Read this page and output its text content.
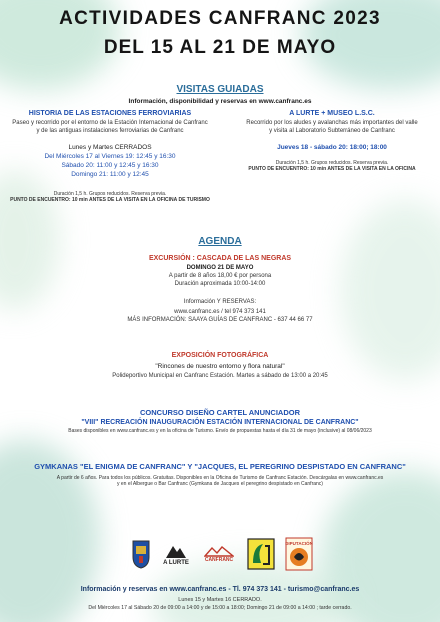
ACTIVIDADES CANFRANC 2023
DEL 15 AL 21 DE MAYO
VISITAS GUIADAS
Información, disponibilidad y reservas en www.canfranc.es
HISTORIA DE LAS ESTACIONES FERROVIARIAS
Paseo y recorrido por el entorno de la Estación Internacional de Canfranc
y de las antiguas instalaciones ferroviarias de Canfranc
Lunes y Martes CERRADOS
Del Miércoles 17 al Viernes 19: 12:45 y 16:30
Sábado 20: 11:00 y 12:45 y 16:30
Domingo 21: 11:00 y 12:45
Duración 1,5 h. Grupos reducidos. Reserva previa.
PUNTO DE ENCUENTRO: 10 min ANTES DE LA VISITA EN LA OFICINA DE TURISMO
A LURTE + MUSEO L.S.C.
Recorrido por los aludes y avalanchas más importantes del valle
y visita al Laboratorio Subterráneo de Canfranc
Jueves 18 - sábado 20: 18:00; 18:00
Duración 1,5 h. Grupos reducidos. Reserva previa.
PUNTO DE ENCUENTRO: 10 min ANTES DE LA VISITA EN LA OFICINA
AGENDA
EXCURSIÓN : CASCADA DE LAS NEGRAS
DOMINGO 21 DE MAYO
A partir de 8 años 18,00 € por persona
Duración aproximada 10:00-14:00
Información Y RESERVAS:
www.canfranc.es / tel 974 373 141
MÁS INFORMACIÓN: SAAYA GUÍAS DE CANFRANC - 637 44 66 77
EXPOSICIÓN FOTOGRÁFICA
"Rincones de nuestro entorno y flora natural"
Polideportivo Municipal en Canfranc Estación. Martes a sábado de 13:00 a 20:45
CONCURSO DISEÑO CARTEL ANUNCIADOR
"VIII" RECREACIÓN INAUGURACIÓN ESTACIÓN INTERNACIONAL DE CANFRANC"
Bases disponibles en www.canfranc.es y en la oficina de Turismo. Envío de propuestas hasta el día 31 de mayo (inclusive) al 08/06/2023
GYMKANAS "EL ENIGMA DE CANFRANC" Y "JACQUES, EL PEREGRINO DESPISTADO EN CANFRANC"
A partir de 6 años. Para todos los públicos. Gratuitas. Disponibles en la Oficina de Turismo de Canfranc Estación. Descárgalas en www.canfranc.es
y en el Albergue o Bar Canfranc (Gymkana de Jacques el peregrino despistado en Canfranc)
A LURTE	CANFRANC
DIPUTACIÓN
Información y reservas en www.canfranc.es - Tl. 974 373 141 - turismo@canfranc.es
Lunes 15 y Martes 16 CERRADO.
Del Miércoles 17 al Sábado 20 de 09:00 a 14:00 y de 15:00 a 18:00; Domingo 21 de 09:00 a 14:00 ; tarde cerrado.
